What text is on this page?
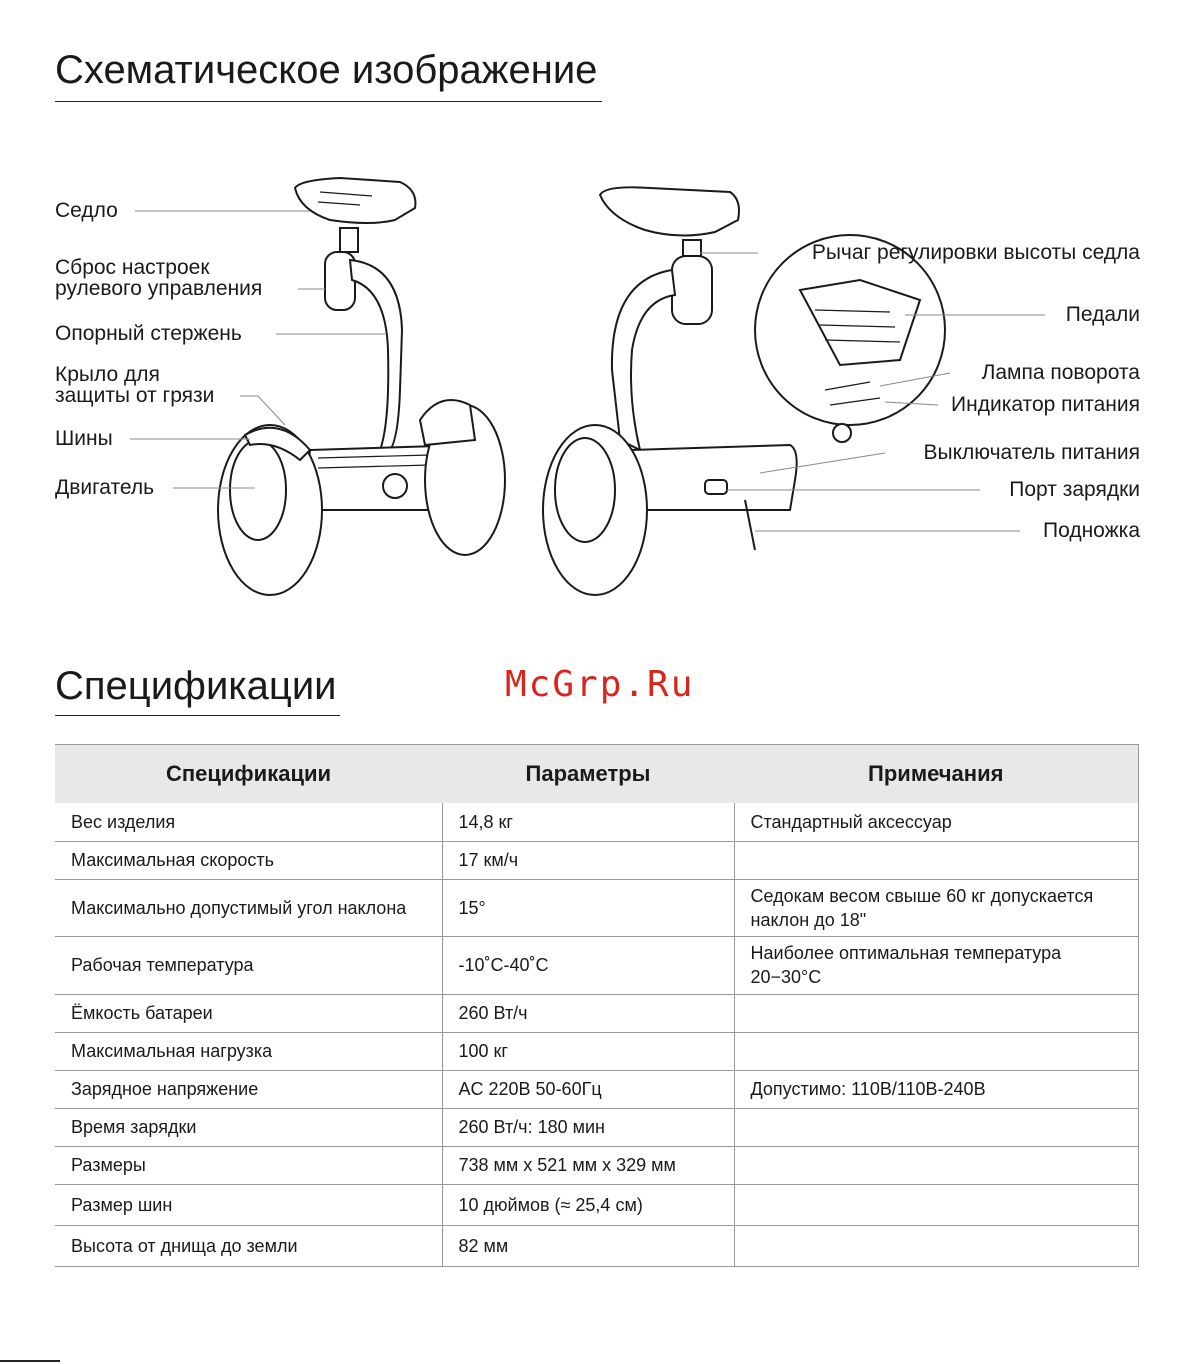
Схематическое изображение
Седло
Сброс настроек
рулевого управления
Опорный стержень
Крыло для
защиты от грязи
Шины
Двигатель
Рычаг регулировки высоты седла
Педали
Лампа поворота
Индикатор питания
Выключатель питания
Порт зарядки
Подножка
Спецификации	McGrp.Ru
Спецификации	Параметры	Примечания
Вес изделия	14,8 кг	Стандартный аксессуар
Максимальная скорость	17 км/ч	
Максимально допустимый угол наклона	15°	Седокам весом свыше 60 кг допускается наклон до 18"
Рабочая температура	-10˚C-40˚C	Наиболее оптимальная температура 20−30°C
Ёмкость батареи	260 Вт/ч	
Максимальная нагрузка	100 кг	
Зарядное напряжение	AC 220В 50-60Гц	Допустимо: 110В/110В-240В
Время зарядки	260 Вт/ч: 180 мин	
Размеры	738 мм x 521 мм x 329 мм	
Размер шин	10 дюймов (≈ 25,4 см)	
Высота от днища до земли	82 мм	
